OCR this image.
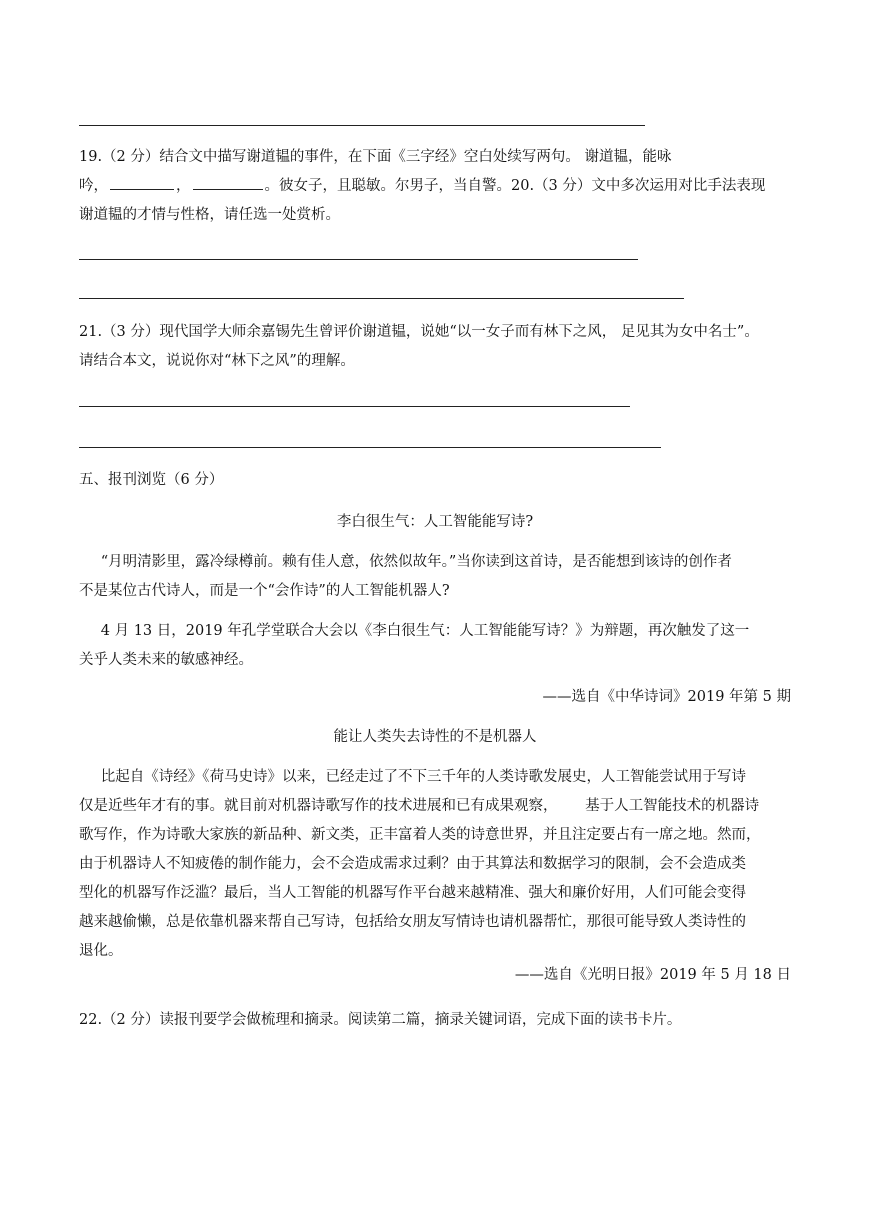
19.（2 分）结合文中描写谢道韫的事件，在下面《三字经》空白处续写两句。 谢道韫，能咏
吟，	，	。彼女子，且聪敏。尔男子，当自警。20.（3 分）文中多次运用对比手法表现
谢道韫的才情与性格，请任选一处赏析。
21.（3 分）现代国学大师余嘉锡先生曾评价谢道韫，说她“以一女子而有林下之风， 足见其为女中名士”。
请结合本文，说说你对“林下之风”的理解。
五、报刊浏览（6 分）
李白很生气：人工智能能写诗?
“月明清影里，露冷绿樽前。赖有佳人意，依然似故年。”当你读到这首诗，是否能想到该诗的创作者
不是某位古代诗人，而是一个“会作诗”的人工智能机器人?
4 月 13 日，2019 年孔学堂联合大会以《李白很生气：人工智能能写诗？》为辩题，再次触发了这一
关乎人类未来的敏感神经。
——选自《中华诗词》2019 年第 5 期
能让人类失去诗性的不是机器人
比起自《诗经》《荷马史诗》以来，已经走过了不下三千年的人类诗歌发展史，人工智能尝试用于写诗
仅是近些年才有的事。就目前对机器诗歌写作的技术进展和已有成果观察，      基于人工智能技术的机器诗
歌写作，作为诗歌大家族的新品种、新文类，正丰富着人类的诗意世界，并且注定要占有一席之地。然而，
由于机器诗人不知疲倦的制作能力，会不会造成需求过剩？由于其算法和数据学习的限制，会不会造成类
型化的机器写作泛滥？最后，当人工智能的机器写作平台越来越精准、强大和廉价好用，人们可能会变得
越来越偷懒，总是依靠机器来帮自己写诗，包括给女朋友写情诗也请机器帮忙，那很可能导致人类诗性的
退化。
——选自《光明日报》2019 年 5 月 18 日
22.（2 分）读报刊要学会做梳理和摘录。阅读第二篇，摘录关键词语，完成下面的读书卡片。
